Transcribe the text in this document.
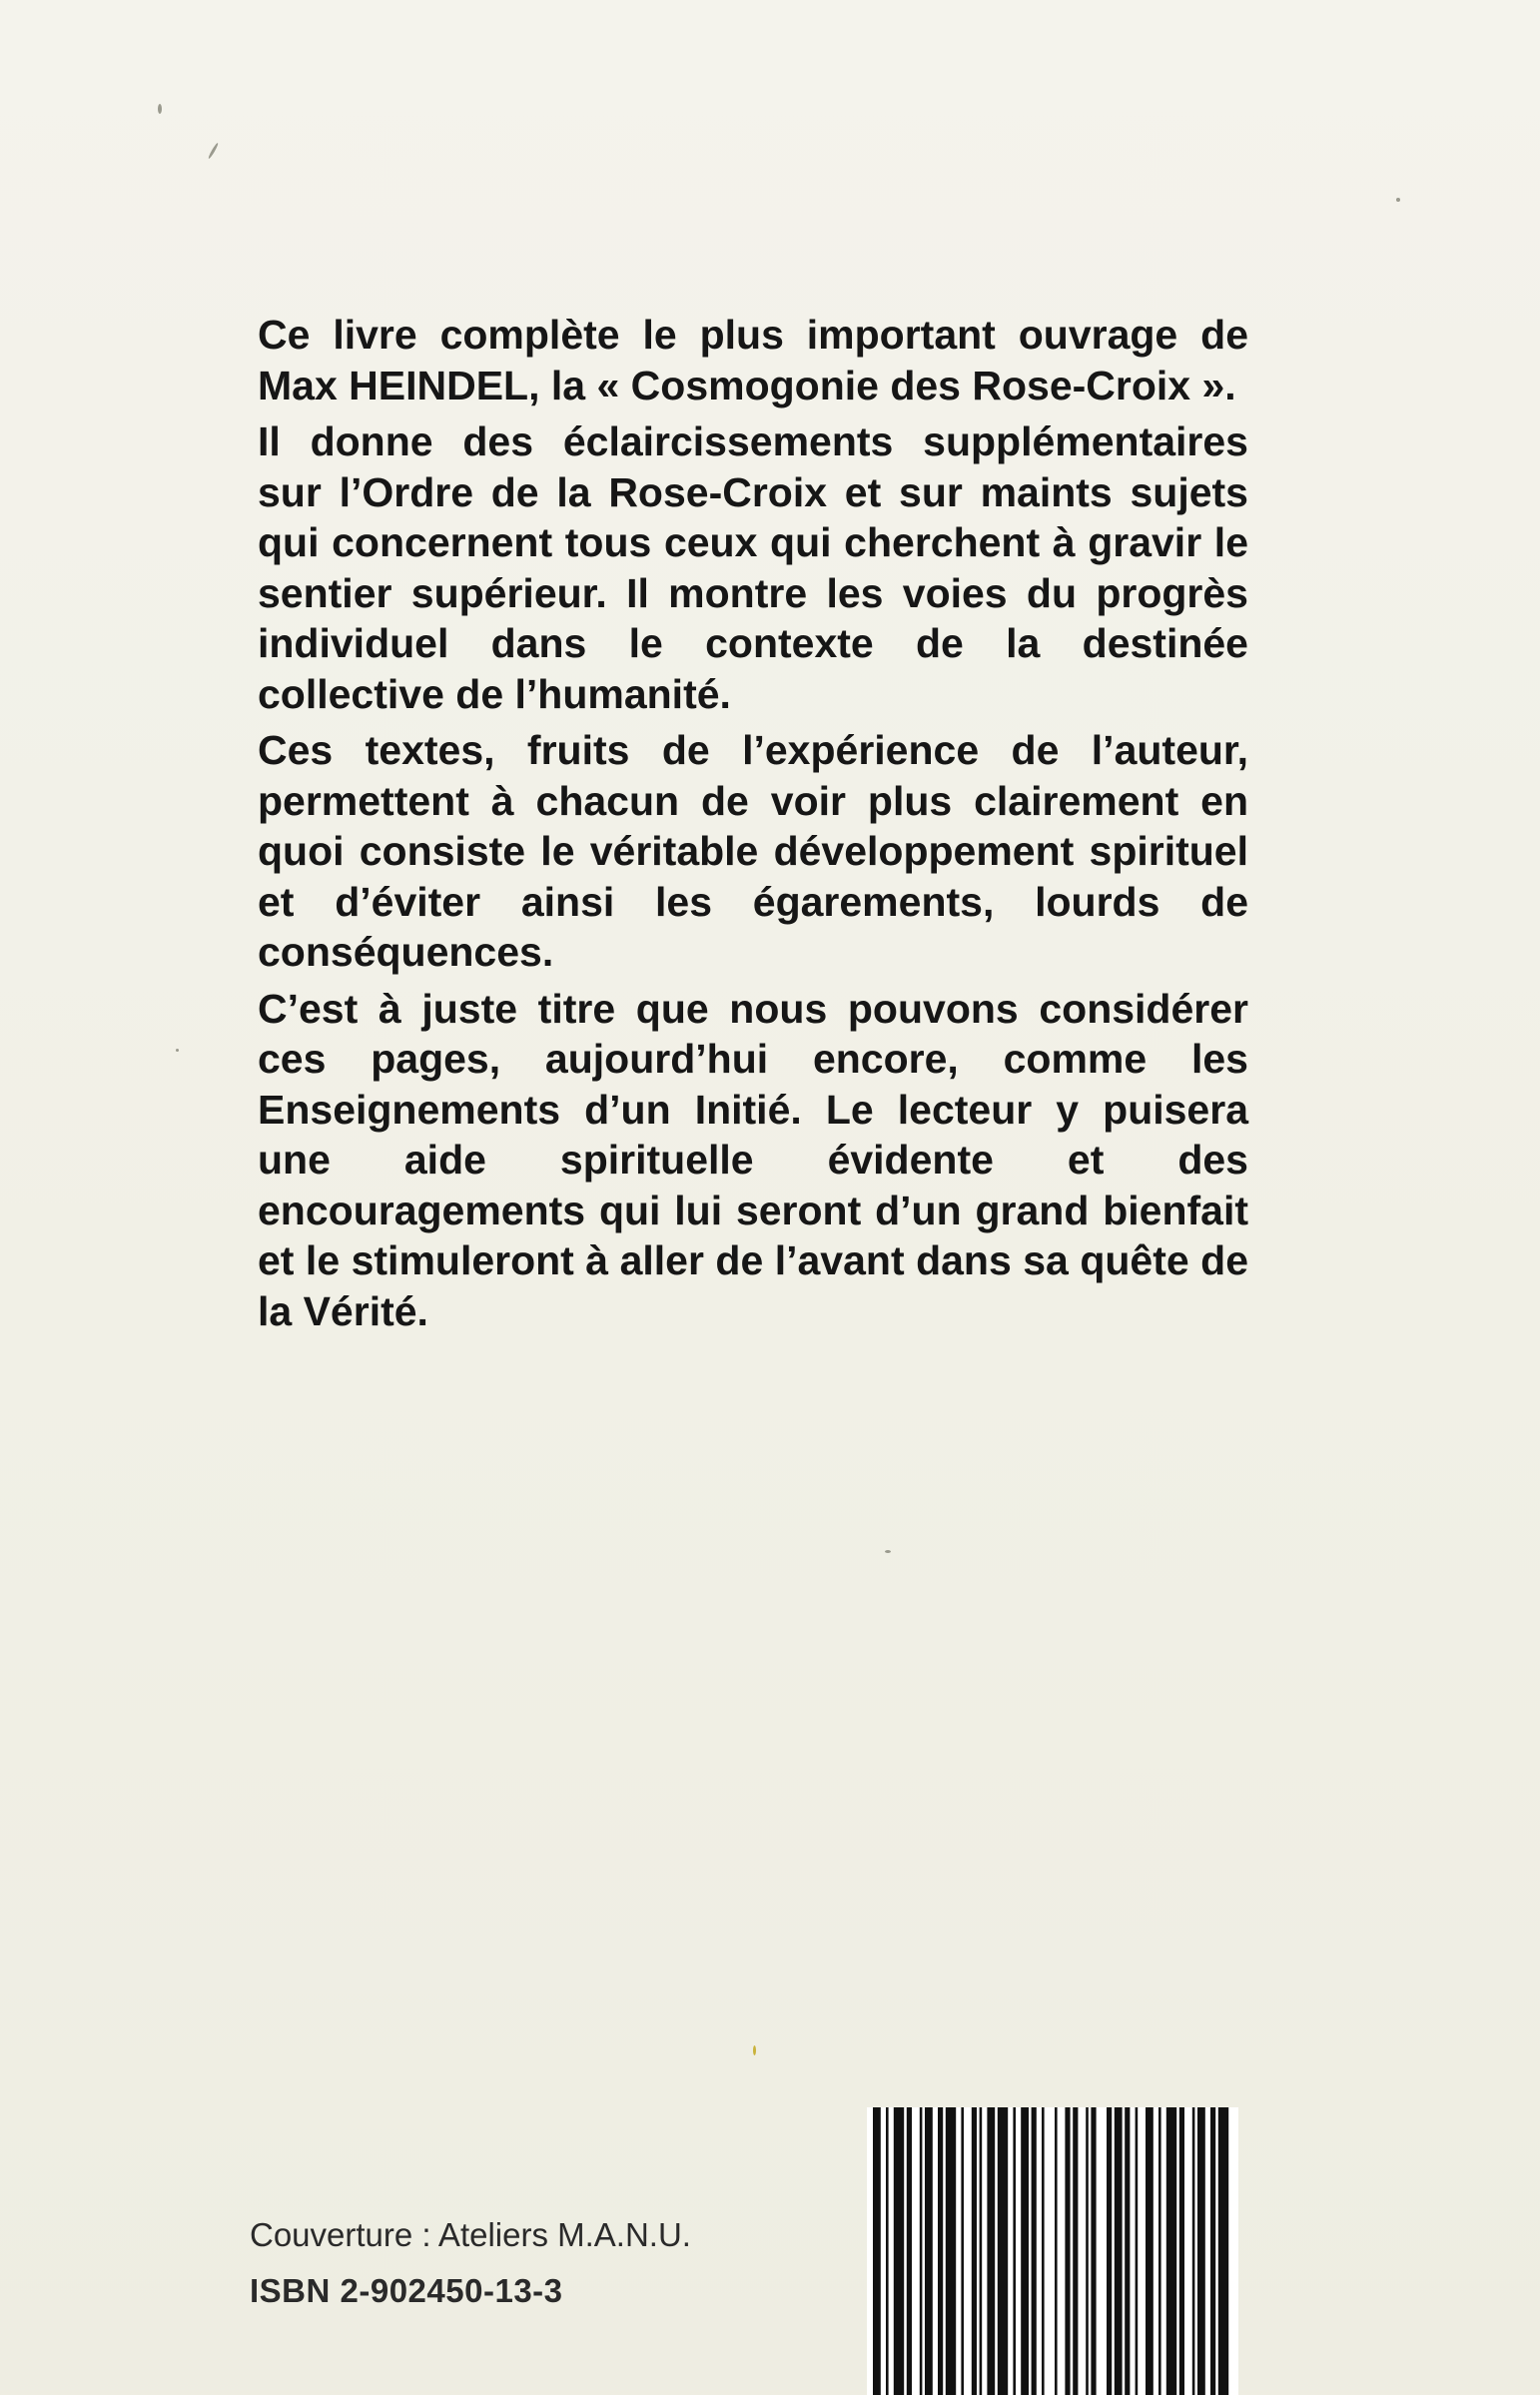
Ce livre complète le plus important ouvrage de Max HEINDEL, la « Cosmogonie des Rose-Croix ».

Il donne des éclaircissements supplémentaires sur l’Ordre de la Rose-Croix et sur maints sujets qui concernent tous ceux qui cherchent à gravir le sentier supérieur. Il montre les voies du progrès individuel dans le contexte de la destinée collective de l’humanité.

Ces textes, fruits de l’expérience de l’auteur, permettent à chacun de voir plus clairement en quoi consiste le véritable développement spirituel et d’éviter ainsi les égarements, lourds de conséquences.

C’est à juste titre que nous pouvons considérer ces pages, aujourd’hui encore, comme les Enseignements d’un Initié. Le lecteur y puisera une aide spirituelle évidente et des encouragements qui lui seront d’un grand bienfait et le stimuleront à aller de l’avant dans sa quête de la Vérité.

Couverture : Ateliers M.A.N.U.
ISBN 2-902450-13-3
